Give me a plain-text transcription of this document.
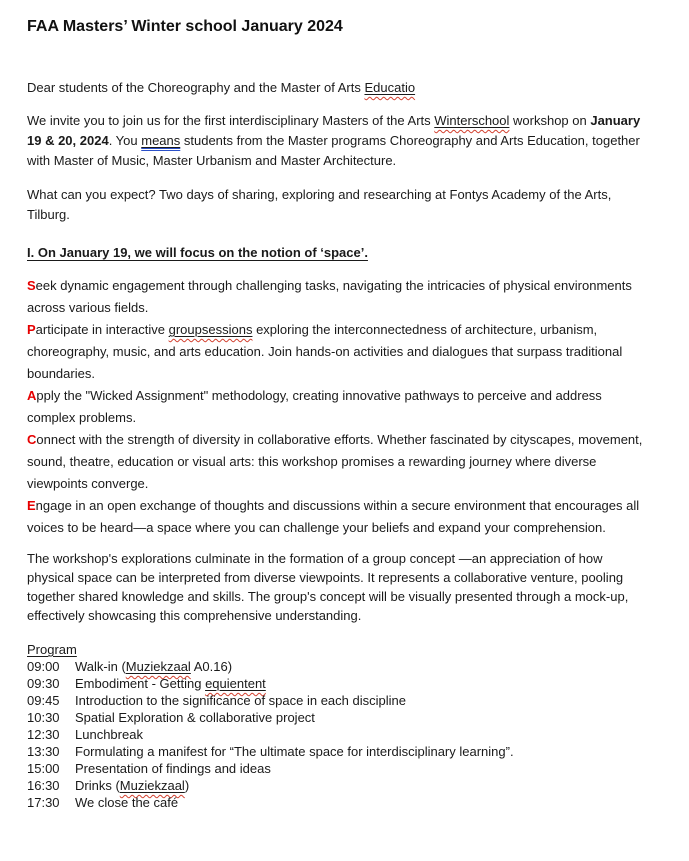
FAA Masters’ Winter school January 2024

Dear students of the Choreography and the Master of Arts Educatio

We invite you to join us for the first interdisciplinary Masters of the Arts Winterschool workshop on January 19 & 20, 2024. You means students from the Master programs Choreography and Arts Education, together with Master of Music, Master Urbanism and Master Architecture.

What can you expect? Two days of sharing, exploring and researching at Fontys Academy of the Arts, Tilburg.

I. On January 19, we will focus on the notion of ‘space’.

Seek dynamic engagement through challenging tasks, navigating the intricacies of physical environments across various fields.

Participate in interactive groupsessions exploring the interconnectedness of architecture, urbanism, choreography, music, and arts education. Join hands-on activities and dialogues that surpass traditional boundaries.

Apply the "Wicked Assignment" methodology, creating innovative pathways to perceive and address complex problems.

Connect with the strength of diversity in collaborative efforts. Whether fascinated by cityscapes, movement, sound, theatre, education or visual arts: this workshop promises a rewarding journey where diverse viewpoints converge.

Engage in an open exchange of thoughts and discussions within a secure environment that encourages all voices to be heard—a space where you can challenge your beliefs and expand your comprehension.

The workshop's explorations culminate in the formation of a group concept —an appreciation of how physical space can be interpreted from diverse viewpoints. It represents a collaborative venture, pooling together shared knowledge and skills. The group's concept will be visually presented through a mock-up, effectively showcasing this comprehensive understanding.

Program
09:00 Walk-in (Muziekzaal A0.16)
09:30 Embodiment - Getting equientent
09:45 Introduction to the significance of space in each discipline
10:30 Spatial Exploration & collaborative project
12:30 Lunchbreak
13:30 Formulating a manifest for “The ultimate space for interdisciplinary learning”.
15:00 Presentation of findings and ideas
16:30 Drinks (Muziekzaal)
17:30 We close the café
